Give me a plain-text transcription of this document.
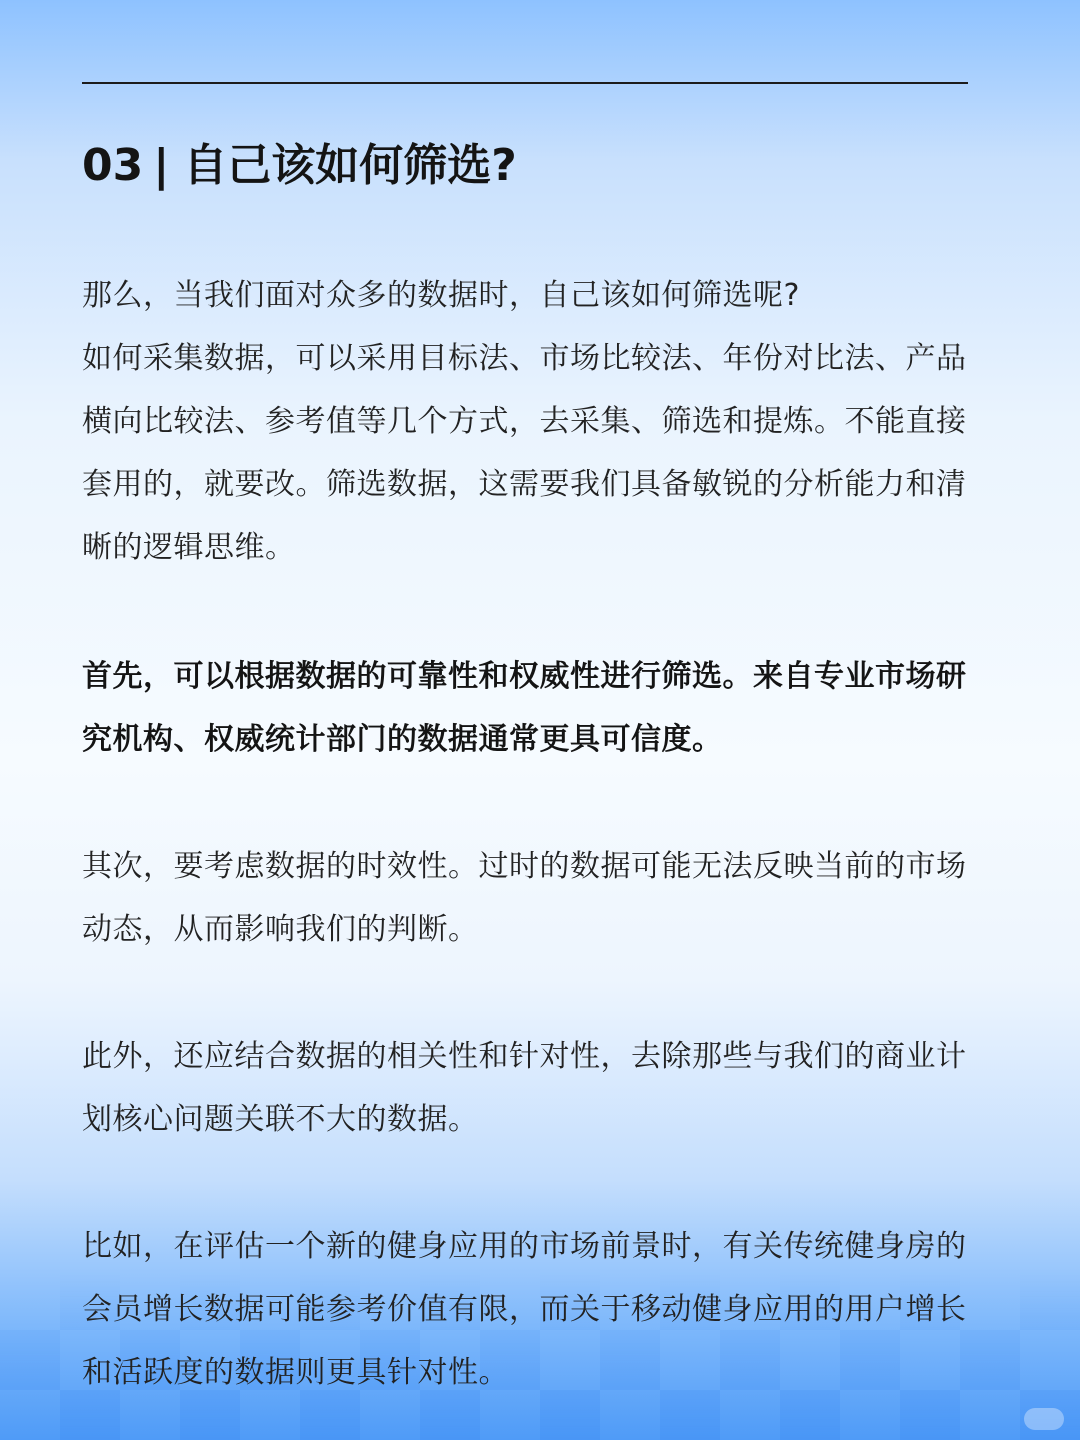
03 | 自己该如何筛选?

那么，当我们面对众多的数据时，自己该如何筛选呢?

如何采集数据，可以采用目标法、市场比较法、年份对比法、产品横向比较法、参考值等几个方式，去采集、筛选和提炼。不能直接套用的，就要改。筛选数据，这需要我们具备敏锐的分析能力和清晰的逻辑思维。

首先，可以根据数据的可靠性和权威性进行筛选。来自专业市场研究机构、权威统计部门的数据通常更具可信度。

其次，要考虑数据的时效性。过时的数据可能无法反映当前的市场动态，从而影响我们的判断。

此外，还应结合数据的相关性和针对性，去除那些与我们的商业计划核心问题关联不大的数据。

比如，在评估一个新的健身应用的市场前景时，有关传统健身房的会员增长数据可能参考价值有限，而关于移动健身应用的用户增长和活跃度的数据则更具针对性。
